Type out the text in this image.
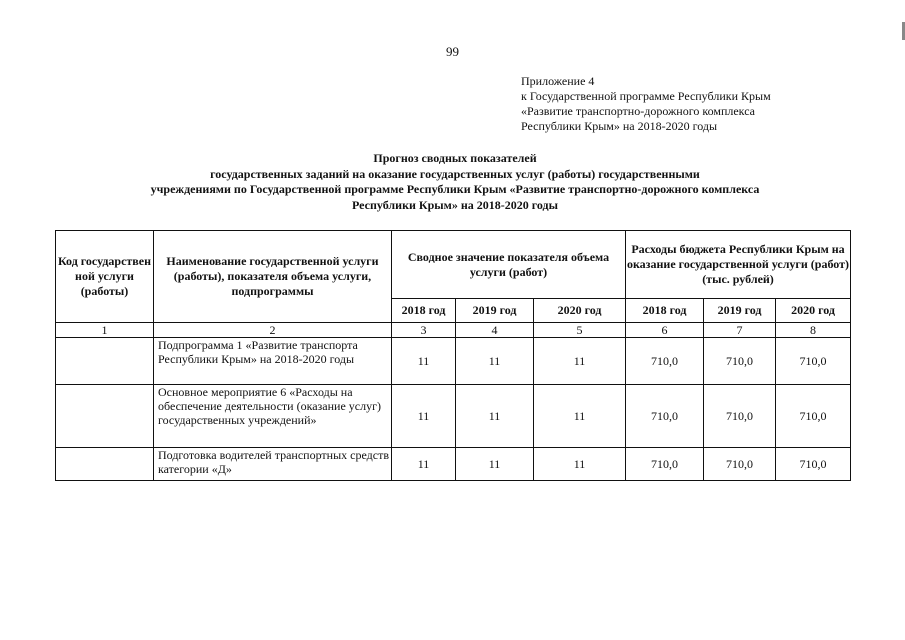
99
Приложение 4
к Государственной программе Республики Крым
«Развитие транспортно-дорожного комплекса
Республики Крым» на 2018-2020 годы
Прогноз сводных показателей
государственных заданий на оказание государственных услуг (работы) государственными
учреждениями по Государственной программе Республики Крым «Развитие транспортно-дорожного комплекса
Республики Крым» на 2018-2020 годы
Код государствен ной услуги (работы)	Наименование государственной услуги (работы), показателя объема услуги, подпрограммы	Сводное значение показателя объема услуги (работ)			Расходы бюджета Республики Крым на оказание государственной услуги (работ) (тыс. рублей)		
		2018 год	2019 год	2020 год	2018 год	2019 год	2020 год
1	2	3	4	5	6	7	8
	Подпрограмма 1 «Развитие транспорта Республики Крым» на 2018-2020 годы	11	11	11	710,0	710,0	710,0
	Основное мероприятие 6 «Расходы на обеспечение деятельности (оказание услуг) государственных учреждений»	11	11	11	710,0	710,0	710,0
	Подготовка водителей транспортных средств категории «Д»	11	11	11	710,0	710,0	710,0
